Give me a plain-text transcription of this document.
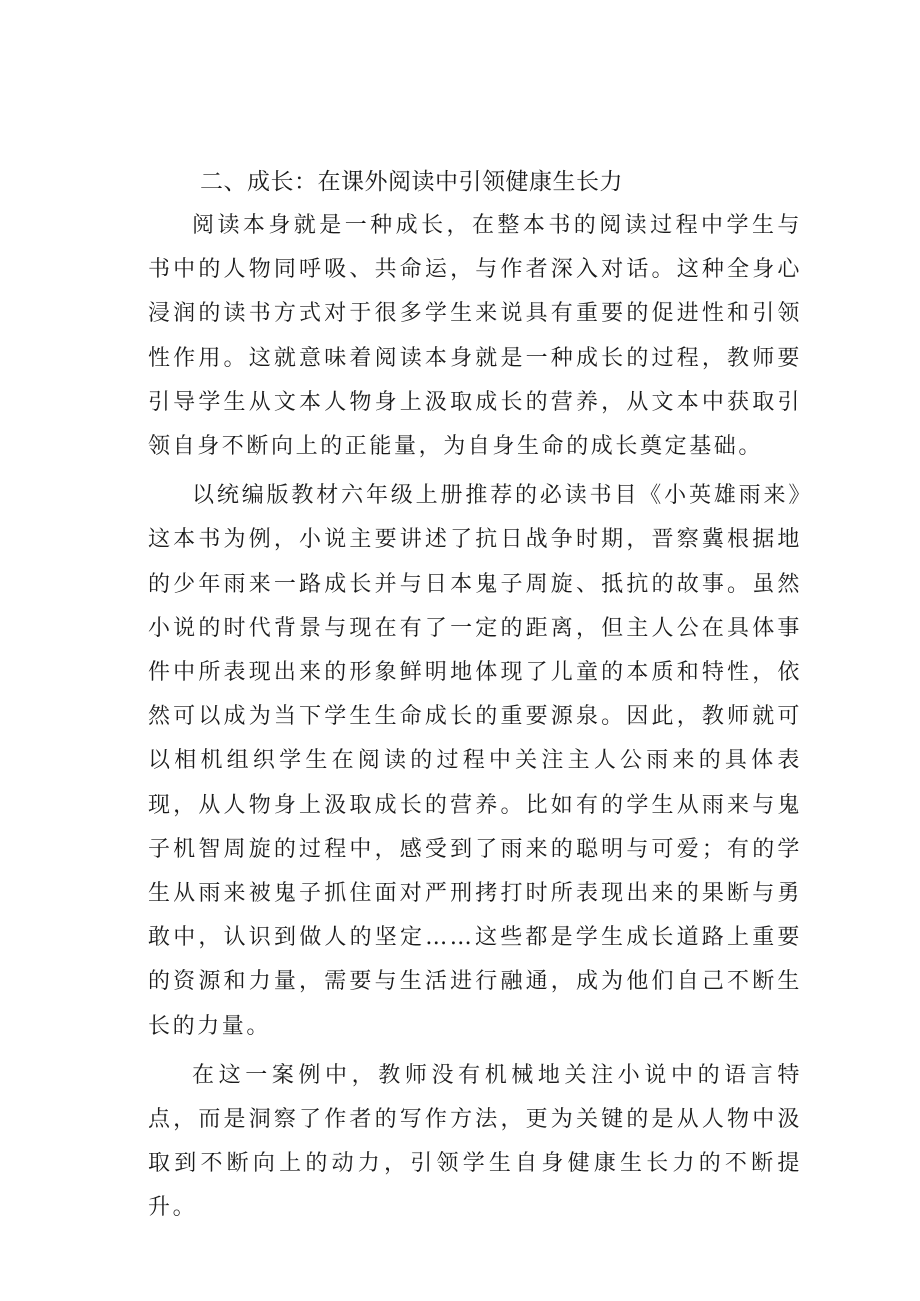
二、成长：在课外阅读中引领健康生长力

阅读本身就是一种成长，在整本书的阅读过程中学生与书中的人物同呼吸、共命运，与作者深入对话。这种全身心浸润的读书方式对于很多学生来说具有重要的促进性和引领性作用。这就意味着阅读本身就是一种成长的过程，教师要引导学生从文本人物身上汲取成长的营养，从文本中获取引领自身不断向上的正能量，为自身生命的成长奠定基础。

以统编版教材六年级上册推荐的必读书目《小英雄雨来》这本书为例，小说主要讲述了抗日战争时期，晋察冀根据地的少年雨来一路成长并与日本鬼子周旋、抵抗的故事。虽然小说的时代背景与现在有了一定的距离，但主人公在具体事件中所表现出来的形象鲜明地体现了儿童的本质和特性，依然可以成为当下学生生命成长的重要源泉。因此，教师就可以相机组织学生在阅读的过程中关注主人公雨来的具体表现，从人物身上汲取成长的营养。比如有的学生从雨来与鬼子机智周旋的过程中，感受到了雨来的聪明与可爱；有的学生从雨来被鬼子抓住面对严刑拷打时所表现出来的果断与勇敢中，认识到做人的坚定……这些都是学生成长道路上重要的资源和力量，需要与生活进行融通，成为他们自己不断生长的力量。

在这一案例中，教师没有机械地关注小说中的语言特点，而是洞察了作者的写作方法，更为关键的是从人物中汲取到不断向上的动力，引领学生自身健康生长力的不断提升。
